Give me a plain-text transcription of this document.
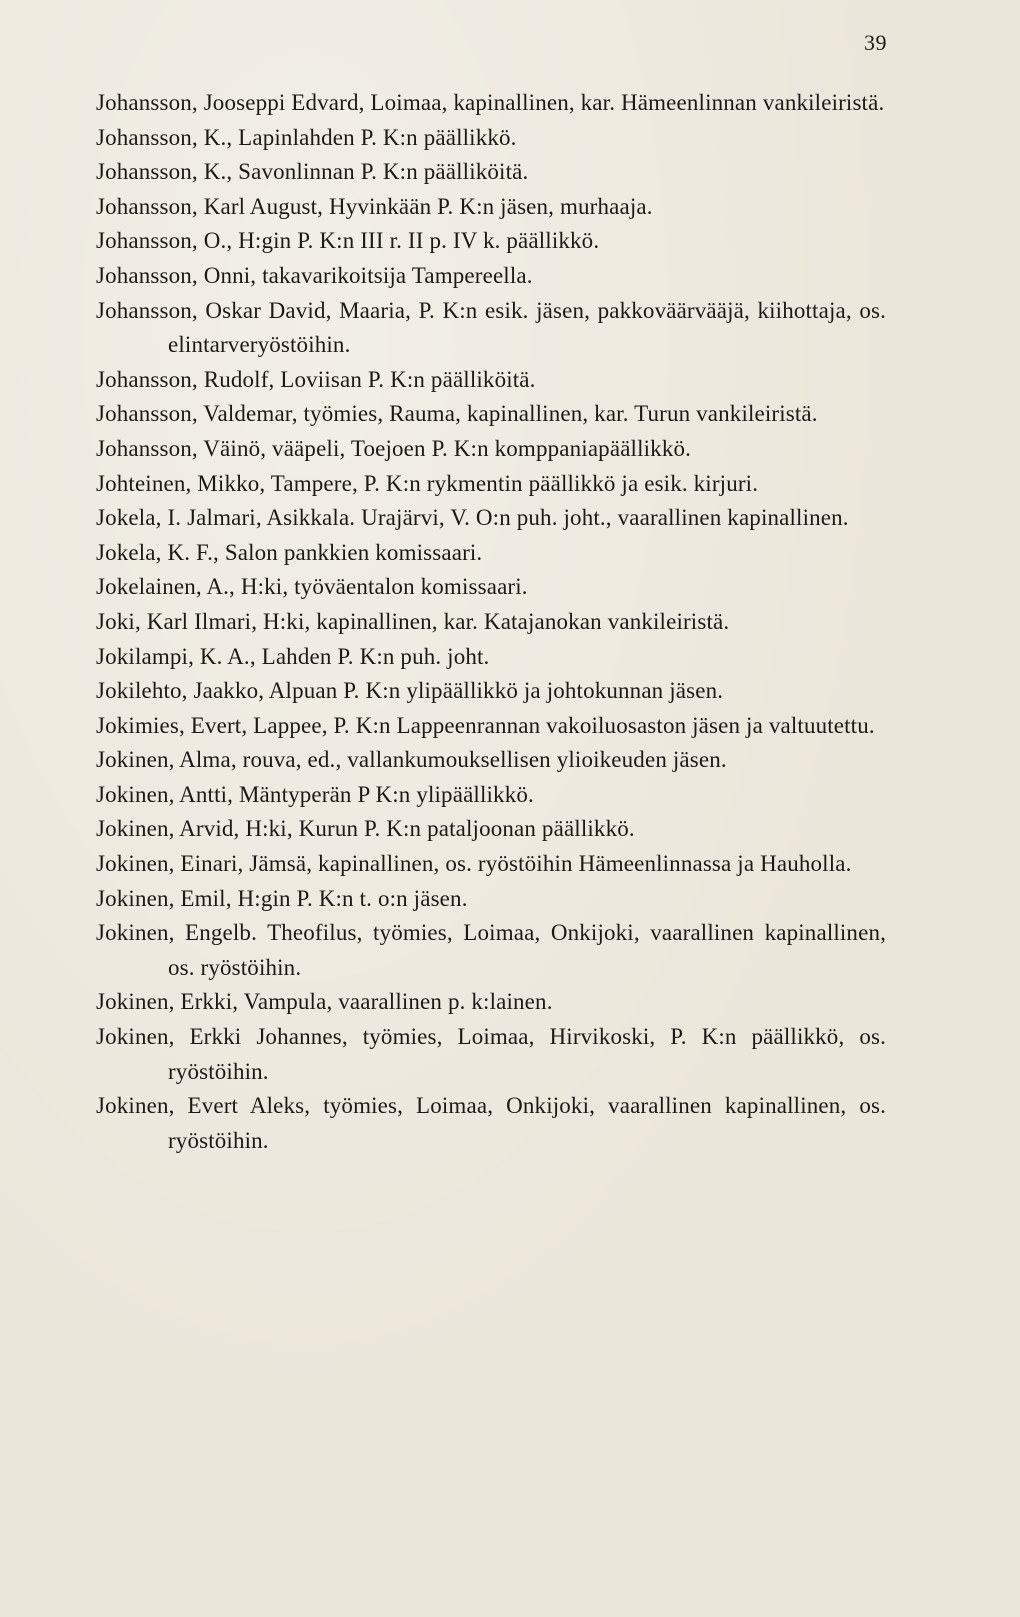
39

Johansson, Jooseppi Edvard, Loimaa, kapinallinen, kar. Hämeenlinnan vankileiristä.

Johansson, K., Lapinlahden P. K:n päällikkö.

Johansson, K., Savonlinnan P. K:n päälliköitä.

Johansson, Karl August, Hyvinkään P. K:n jäsen, murhaaja.

Johansson, O., H:gin P. K:n III r. II p. IV k. päällikkö.

Johansson, Onni, takavarikoitsija Tampereella.

Johansson, Oskar David, Maaria, P. K:n esik. jäsen, pakkoväärvääjä, kiihottaja, os. elintarveryöstöihin.

Johansson, Rudolf, Loviisan P. K:n päälliköitä.

Johansson, Valdemar, työmies, Rauma, kapinallinen, kar. Turun vankileiristä.

Johansson, Väinö, vääpeli, Toejoen P. K:n komppaniapäällikkö.

Johteinen, Mikko, Tampere, P. K:n rykmentin päällikkö ja esik. kirjuri.

Jokela, I. Jalmari, Asikkala. Urajärvi, V. O:n puh. joht., vaarallinen kapinallinen.

Jokela, K. F., Salon pankkien komissaari.

Jokelainen, A., H:ki, työväentalon komissaari.

Joki, Karl Ilmari, H:ki, kapinallinen, kar. Katajanokan vankileiristä.

Jokilampi, K. A., Lahden P. K:n puh. joht.

Jokilehto, Jaakko, Alpuan P. K:n ylipäällikkö ja johtokunnan jäsen.

Jokimies, Evert, Lappee, P. K:n Lappeenrannan vakoiluosaston jäsen ja valtuutettu.

Jokinen, Alma, rouva, ed., vallankumouksellisen ylioikeuden jäsen.

Jokinen, Antti, Mäntyperän P K:n ylipäällikkö.

Jokinen, Arvid, H:ki, Kurun P. K:n pataljoonan päällikkö.

Jokinen, Einari, Jämsä, kapinallinen, os. ryöstöihin Hämeenlinnassa ja Hauholla.

Jokinen, Emil, H:gin P. K:n t. o:n jäsen.

Jokinen, Engelb. Theofilus, työmies, Loimaa, Onkijoki, vaarallinen kapinallinen, os. ryöstöihin.

Jokinen, Erkki, Vampula, vaarallinen p. k:lainen.

Jokinen, Erkki Johannes, työmies, Loimaa, Hirvikoski, P. K:n päällikkö, os. ryöstöihin.

Jokinen, Evert Aleks, työmies, Loimaa, Onkijoki, vaarallinen kapinallinen, os. ryöstöihin.
